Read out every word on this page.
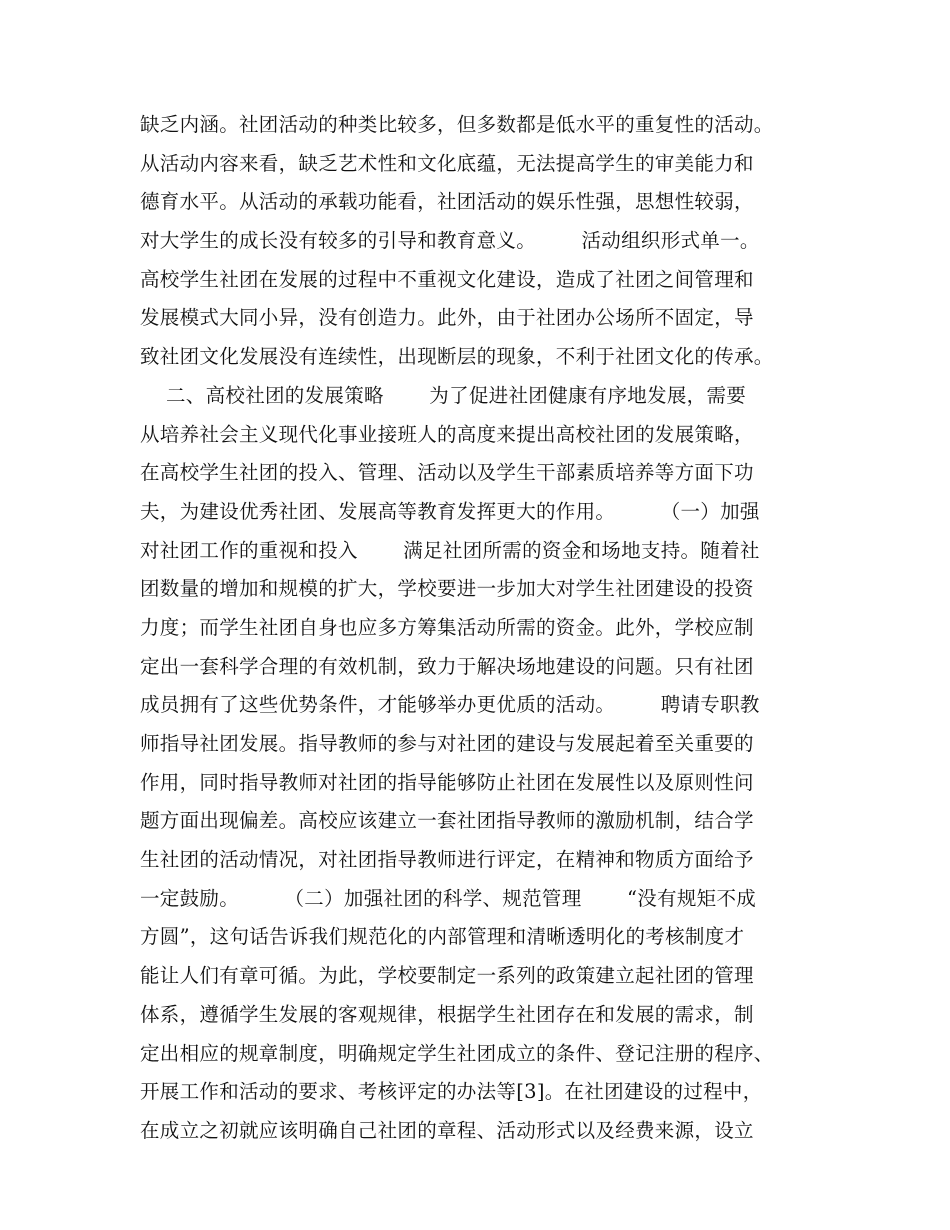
缺乏内涵。社团活动的种类比较多，但多数都是低水平的重复性的活动。
从活动内容来看，缺乏艺术性和文化底蕴，无法提高学生的审美能力和
德育水平。从活动的承载功能看，社团活动的娱乐性强，思想性较弱，
对大学生的成长没有较多的引导和教育意义。       活动组织形式单一。
高校学生社团在发展的过程中不重视文化建设，造成了社团之间管理和
发展模式大同小异，没有创造力。此外，由于社团办公场所不固定，导
致社团文化发展没有连续性，出现断层的现象，不利于社团文化的传承。
二、高校社团的发展策略       为了促进社团健康有序地发展，需要
从培养社会主义现代化事业接班人的高度来提出高校社团的发展策略，
在高校学生社团的投入、管理、活动以及学生干部素质培养等方面下功
夫，为建设优秀社团、发展高等教育发挥更大的作用。       （一）加强
对社团工作的重视和投入       满足社团所需的资金和场地支持。随着社
团数量的增加和规模的扩大，学校要进一步加大对学生社团建设的投资
力度；而学生社团自身也应多方筹集活动所需的资金。此外，学校应制
定出一套科学合理的有效机制，致力于解决场地建设的问题。只有社团
成员拥有了这些优势条件，才能够举办更优质的活动。       聘请专职教
师指导社团发展。指导教师的参与对社团的建设与发展起着至关重要的
作用，同时指导教师对社团的指导能够防止社团在发展性以及原则性问
题方面出现偏差。高校应该建立一套社团指导教师的激励机制，结合学
生社团的活动情况，对社团指导教师进行评定，在精神和物质方面给予
一定鼓励。       （二）加强社团的科学、规范管理       “没有规矩不成
方圆”，这句话告诉我们规范化的内部管理和清晰透明化的考核制度才
能让人们有章可循。为此，学校要制定一系列的政策建立起社团的管理
体系，遵循学生发展的客观规律，根据学生社团存在和发展的需求，制
定出相应的规章制度，明确规定学生社团成立的条件、登记注册的程序、
开展工作和活动的要求、考核评定的办法等[3]。在社团建设的过程中，
在成立之初就应该明确自己社团的章程、活动形式以及经费来源，设立
